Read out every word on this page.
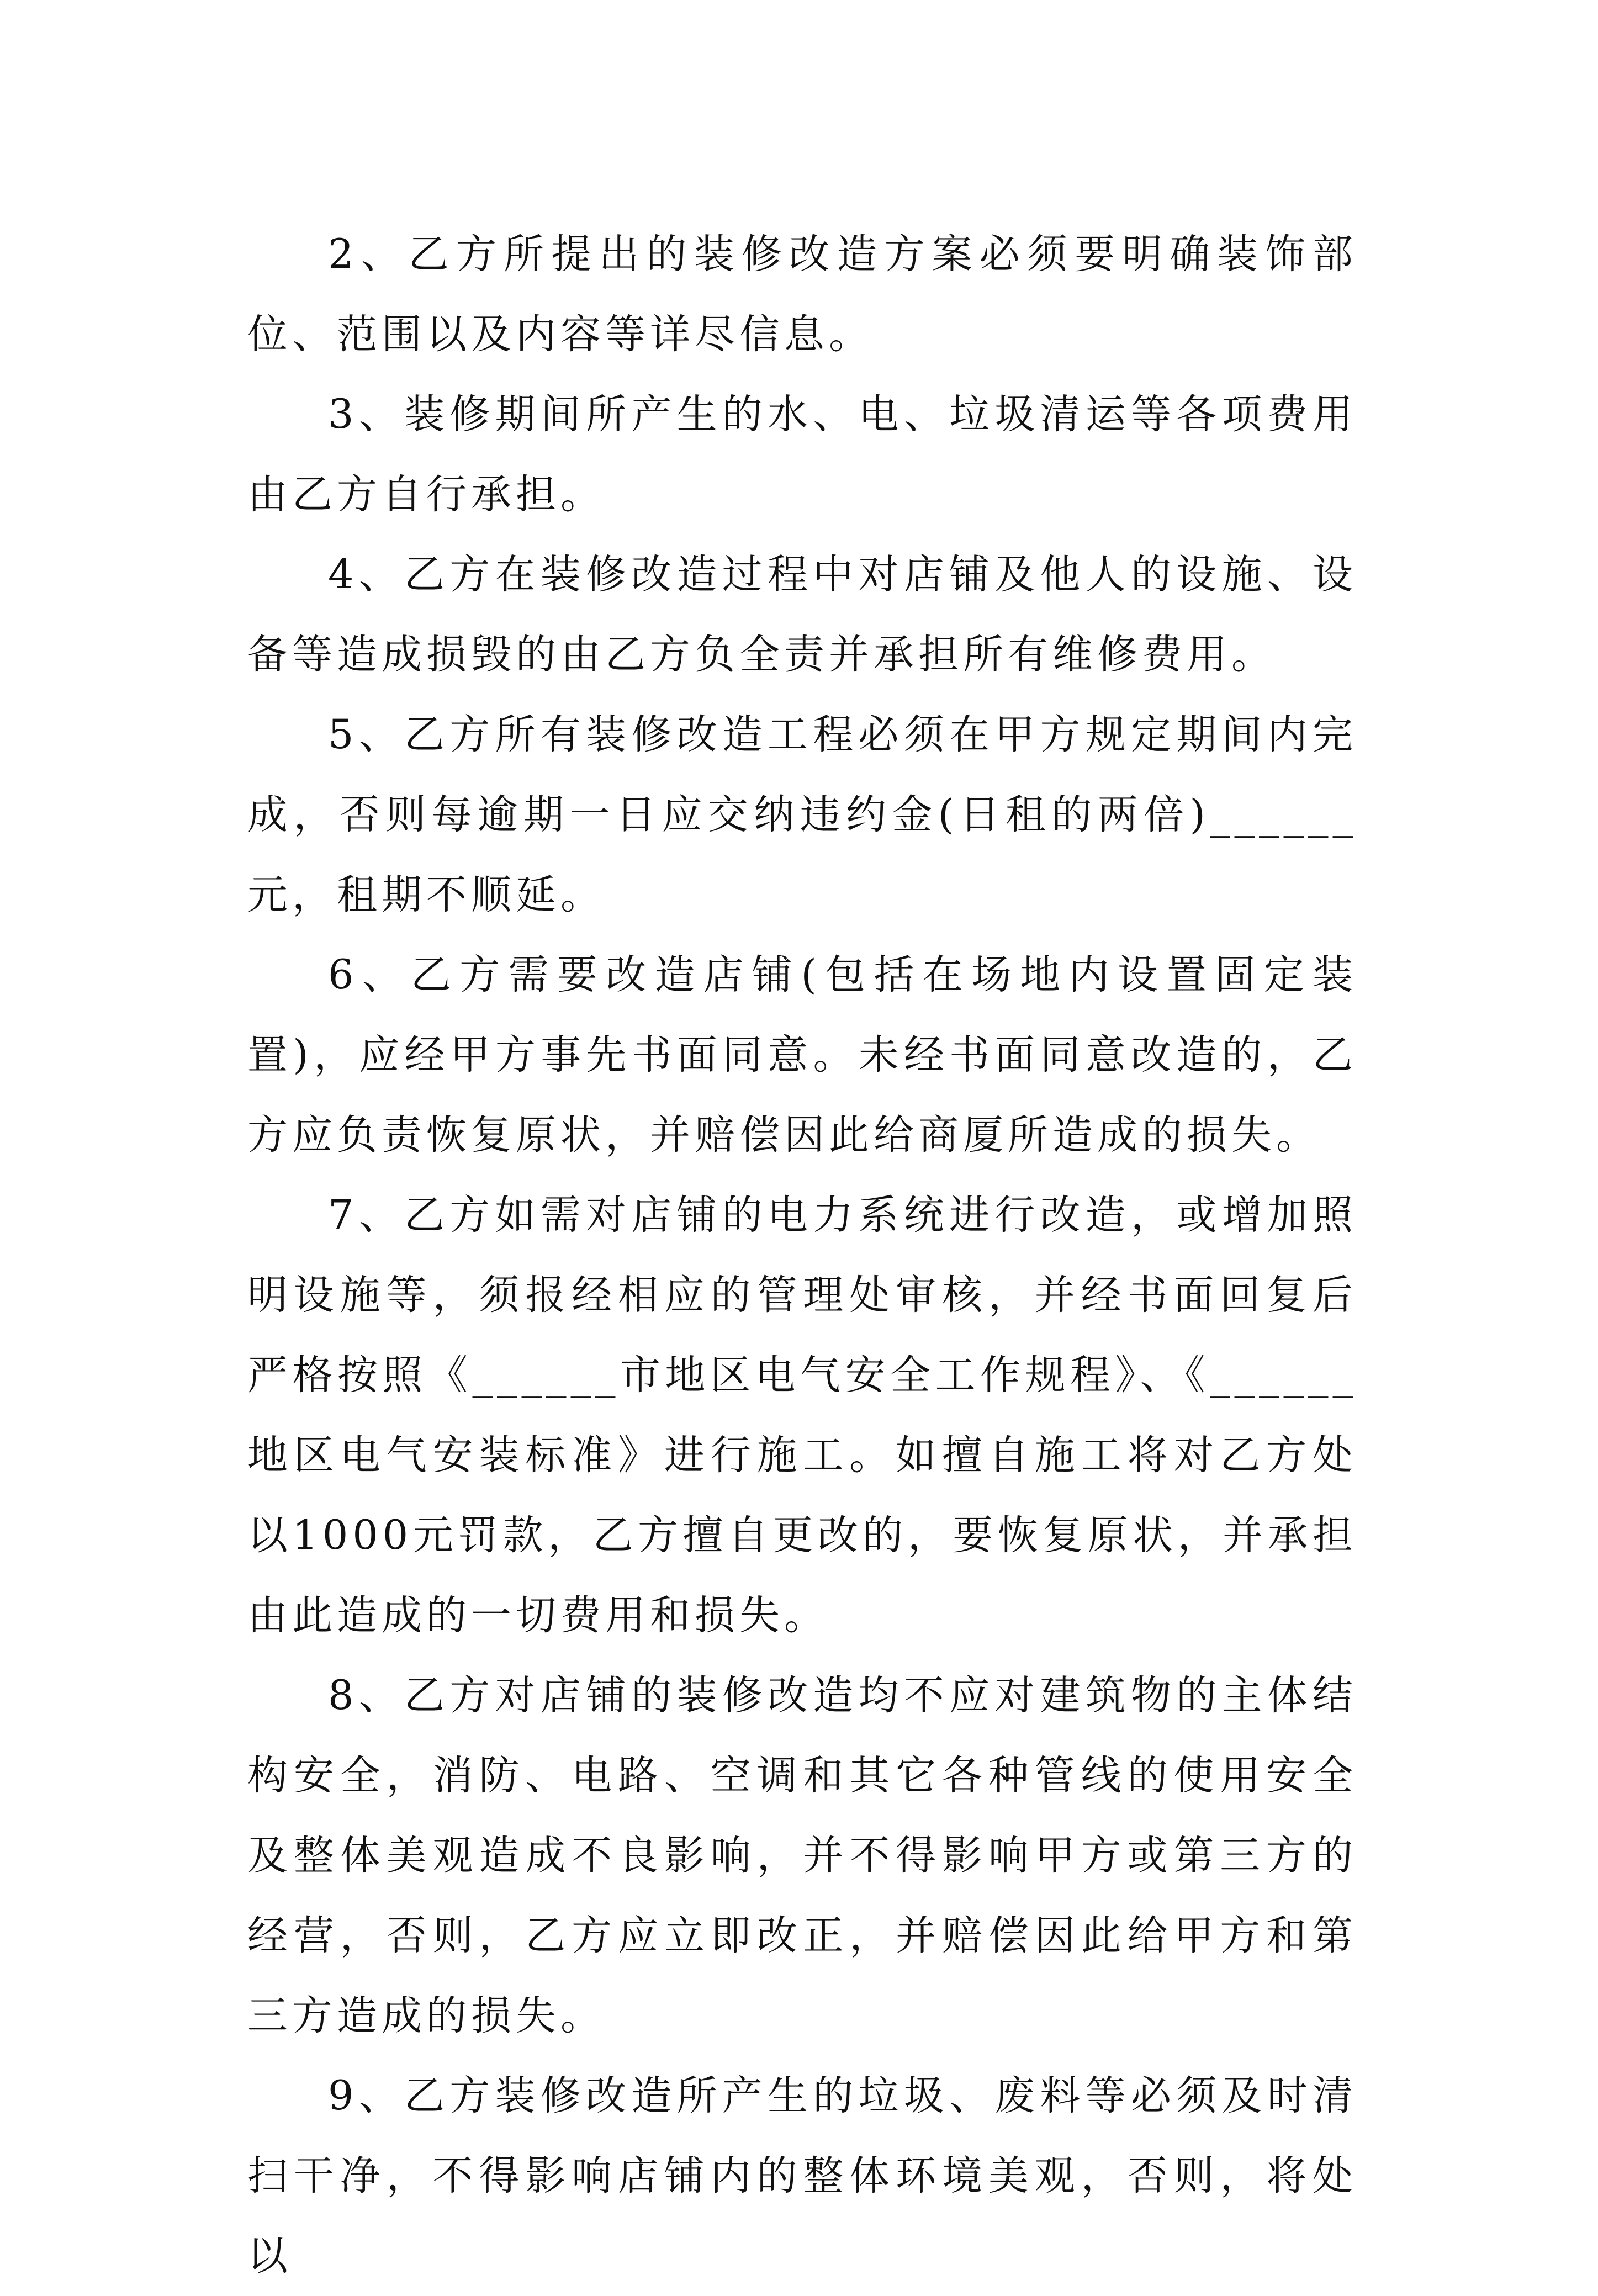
2、乙方所提出的装修改造方案必须要明确装饰部位、范围以及内容等详尽信息。

3、装修期间所产生的水、电、垃圾清运等各项费用由乙方自行承担。

4、乙方在装修改造过程中对店铺及他人的设施、设备等造成损毁的由乙方负全责并承担所有维修费用。

5、乙方所有装修改造工程必须在甲方规定期间内完成，否则每逾期一日应交纳违约金(日租的两倍)______元，租期不顺延。

6、乙方需要改造店铺(包括在场地内设置固定装置)，应经甲方事先书面同意。未经书面同意改造的，乙方应负责恢复原状，并赔偿因此给商厦所造成的损失。

7、乙方如需对店铺的电力系统进行改造，或增加照明设施等，须报经相应的管理处审核，并经书面回复后严格按照《______市地区电气安全工作规程》、《______地区电气安装标准》进行施工。如擅自施工将对乙方处以1000元罚款，乙方擅自更改的，要恢复原状，并承担由此造成的一切费用和损失。

8、乙方对店铺的装修改造均不应对建筑物的主体结构安全，消防、电路、空调和其它各种管线的使用安全及整体美观造成不良影响，并不得影响甲方或第三方的经营，否则，乙方应立即改正，并赔偿因此给甲方和第三方造成的损失。

9、乙方装修改造所产生的垃圾、废料等必须及时清扫干净，不得影响店铺内的整体环境美观，否则，将处以
